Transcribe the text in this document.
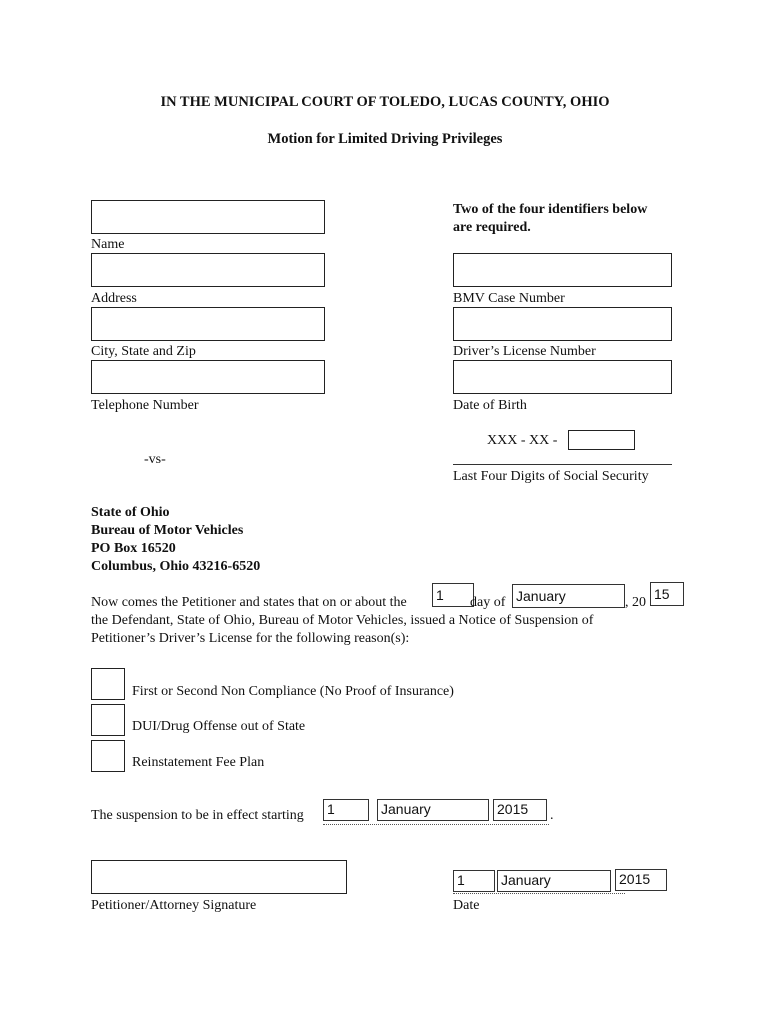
IN THE MUNICIPAL COURT OF TOLEDO, LUCAS COUNTY, OHIO
Motion for Limited Driving Privileges
Name
Address
City, State and Zip
Telephone Number
Two of the four identifiers below
are required.
BMV Case Number
Driver’s License Number
Date of Birth
XXX - XX -
Last Four Digits of Social Security
-vs-
State of Ohio
Bureau of Motor Vehicles
PO Box 16520
Columbus, Ohio 43216-6520
Now comes the Petitioner and states that on or about the 1	day of January	, 20
15
the Defendant, State of Ohio, Bureau of Motor Vehicles, issued a Notice of Suspension of
Petitioner’s Driver’s License for the following reason(s):
First or Second Non Compliance (No Proof of Insurance)
DUI/Drug Offense out of State
Reinstatement Fee Plan
The suspension to be in effect starting 1	January	2015	.
Petitioner/Attorney Signature
1	January	2015
Date
